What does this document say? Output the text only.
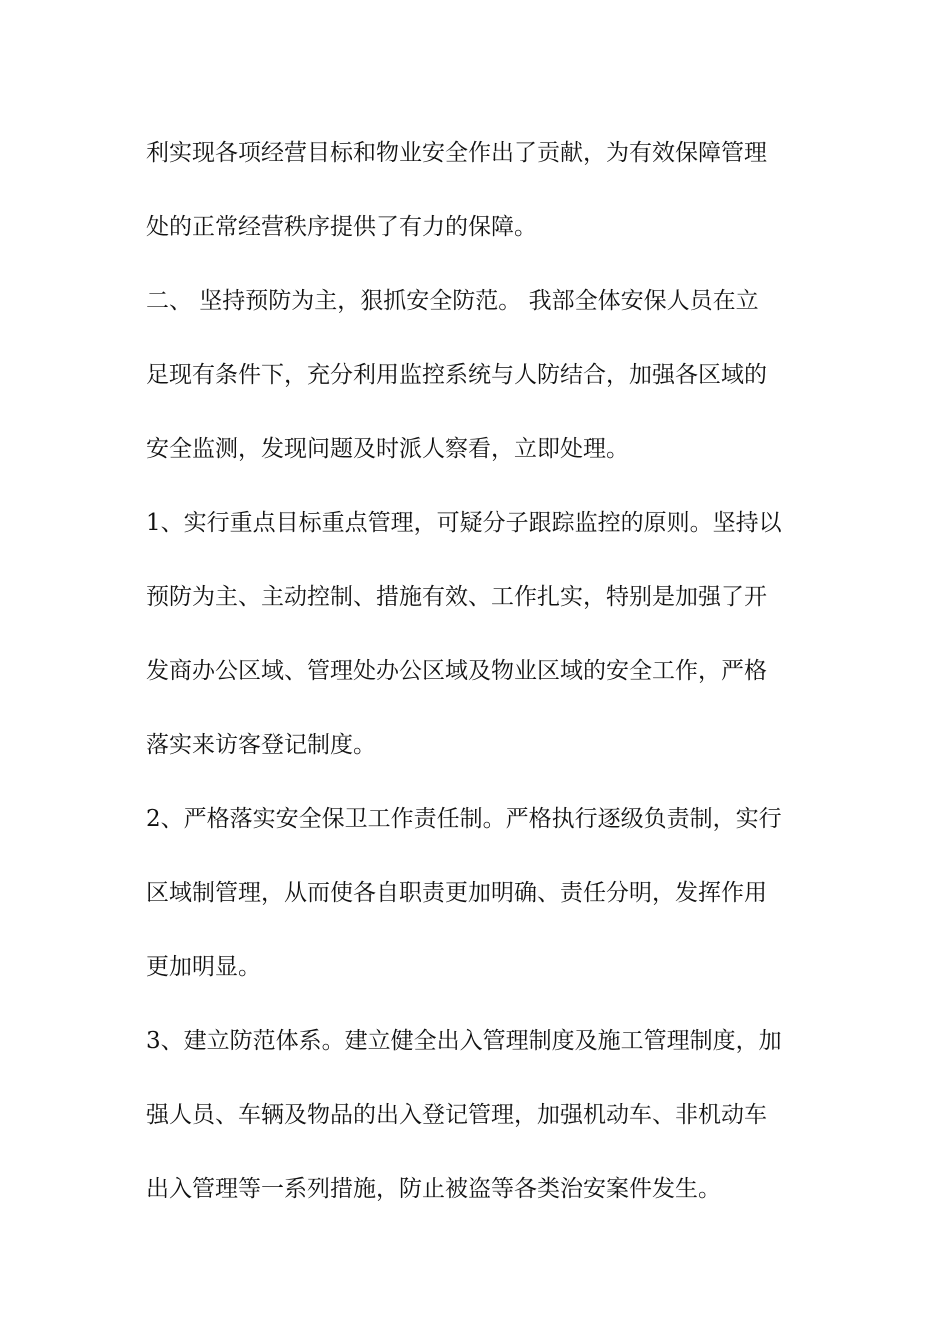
利实现各项经营目标和物业安全作出了贡献，为有效保障管理
处的正常经营秩序提供了有力的保障。
二、 坚持预防为主，狠抓安全防范。 我部全体安保人员在立
足现有条件下，充分利用监控系统与人防结合，加强各区域的
安全监测，发现问题及时派人察看，立即处理。
1、实行重点目标重点管理，可疑分子跟踪监控的原则。坚持以
预防为主、主动控制、措施有效、工作扎实，特别是加强了开
发商办公区域、管理处办公区域及物业区域的安全工作，严格
落实来访客登记制度。
2、严格落实安全保卫工作责任制。严格执行逐级负责制，实行
区域制管理，从而使各自职责更加明确、责任分明，发挥作用
更加明显。
3、建立防范体系。建立健全出入管理制度及施工管理制度，加
强人员、车辆及物品的出入登记管理，加强机动车、非机动车
出入管理等一系列措施，防止被盗等各类治安案件发生。
